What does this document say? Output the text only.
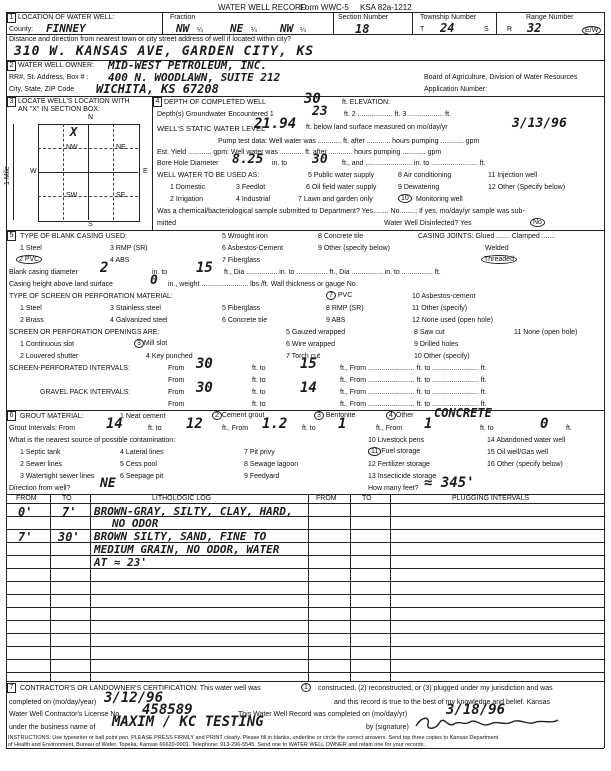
WATER WELL RECORD
Form WWC-5 KSA 82a-1212
1 LOCATION OF WATER WELL:	Fraction	Section Number	Township Number	Range Number
County: FINNEY	NW ¼ NE ¼ NW ¼	18	T 24	S	R 32	E/W
Distance and direction from nearest town or city street address of well if located within city?
310 W. KANSAS AVE, GARDEN CITY, KS
2 WATER WELL OWNER: MID-WEST PETROLEUM, INC.
RR#, St. Address, Box # : 400 N. WOODLAWN, SUITE 212	Board of Agriculture, Division of Water Resources
City, State, ZIP Code WICHITA, KS 67208	Application Number:
3 LOCATE WELL'S LOCATION WITH
AN "X" IN SECTION BOX:
N
S
W	E
1 Mile
NW	NE
SW	SE
X
4 DEPTH OF COMPLETED WELL	30	ft. ELEVATION:
Depth(s) Groundwater Encountered 1	23 ft. 2 .................. ft. 3 .................. ft.
WELL'S STATIC WATER LEVEL
21.94 ft. below land surface measured on mo/day/yr	3/13/96
Pump test data: Well water was ............ ft. after ............ hours pumping ............ gpm
Est. Yield ............ gpm: Well water was ............ ft. after ............ hours pumping ............ gpm
Bore Hole Diameter 8.25 in. to 30 ft., and ........................ in. to ........................ ft.
WELL WATER TO BE USED AS:	5 Public water supply	8 Air conditioning	11 Injection well
1 Domestic	3 Feedlot	6 Oil field water supply	9 Dewatering	12 Other (Specify below)
2 Irrigation	4 Industrial	7 Lawn and garden only	10	Monitoring well
Was a chemical/bacteriological sample submitted to Department? Yes........ No........; If yes, mo/day/yr sample was sub-
mitted	Water Well Disinfected? Yes	No
5 TYPE OF BLANK CASING USED:	5 Wrought iron	8 Concrete tile	CASING JOINTS: Glued ....... Clamped .......
1 Steel	3 RMP (SR)	6 Asbestos-Cement	9 Other (specify below)	Welded
2 PVC	4 ABS	7 Fiberglass	Threaded
Blank casing diameter 2	in. to 15 ft., Dia ................ in. to ................ ft., Dia ................ in. to ................ ft.
Casing height above land surface	0 in., weight ........................ lbs./ft. Wall thickness or gauge No.
TYPE OF SCREEN OR PERFORATION MATERIAL:	7 PVC	10 Asbestos-cement
1 Steel	3 Stainless steel	5 Fiberglass	8 RMP (SR)	11 Other (specify)
2 Brass	4 Galvanized steel	6 Concrete tile	9 ABS	12 None used (open hole)
SCREEN OR PERFORATION OPENINGS ARE:	5 Gauzed wrapped	8 Saw cut	11 None (open hole)
1 Continuous slot	3 Mill slot	6 Wire wrapped	9 Drilled holes
2 Louvered shutter	4 Key punched	7 Torch cut	10 Other (specify)
SCREEN-PERFORATED INTERVALS:	From 30	ft. to 15	ft., From ........................ ft. to ........................ ft.
From	ft. to	ft., From ........................ ft. to ........................ ft.
GRAVEL PACK INTERVALS:	From 30	ft. to 14	ft., From ........................ ft. to ........................ ft.
From	ft. to	ft., From ........................ ft. to ........................ ft.
6 GROUT MATERIAL:	1 Neat cement	2 Cement grout	3 Bentonite	4 Other CONCRETE
Grout Intervals: From 14	ft. to 12	ft., From 1.2 ft. to 1	ft., From 1	ft. to	0	ft.
What is the nearest source of possible contamination:	10 Livestock pens	14 Abandoned water well
1 Septic tank	4 Lateral lines	7 Pit privy	11 Fuel storage	15 Oil well/Gas well
2 Sewer lines	5 Cess pool	8 Sewage lagoon	12 Fertilizer storage	16 Other (specify below)
3 Watertight sewer lines	6 Seepage pit	9 Feedyard	13 Insecticide storage
Direction from well? NE	How many feet? ≈ 345'
FROM	TO	LITHOLOGIC LOG	FROM	TO	PLUGGING INTERVALS
0' 7' BROWN-GRAY, SILTY, CLAY, HARD,
NO ODOR
7' 30' BROWN SILTY, SAND, FINE TO
MEDIUM GRAIN, NO ODOR, WATER
AT ≈ 23'
7 CONTRACTOR'S OR LANDOWNER'S CERTIFICATION: This water well was	1	constructed, (2) reconstructed, or (3) plugged under my jurisdiction and was
completed on (mo/day/year) 3/12/96	and this record is true to the best of my knowledge and belief. Kansas
Water Well Contractor's License No. 458589	This Water Well Record was completed on (mo/day/yr)	3/18/96
under the business name of MAXIM / KC TESTING	by (signature)
INSTRUCTIONS: Use typewriter or ball point pen. PLEASE PRESS FIRMLY and PRINT clearly. Please fill in blanks, underline or circle the correct answers. Send top three copies to Kansas Department
of Health and Environment, Bureau of Water, Topeka, Kansas 66620-0001. Telephone: 913-296-5545. Send one to WATER WELL OWNER and retain one for your records.
